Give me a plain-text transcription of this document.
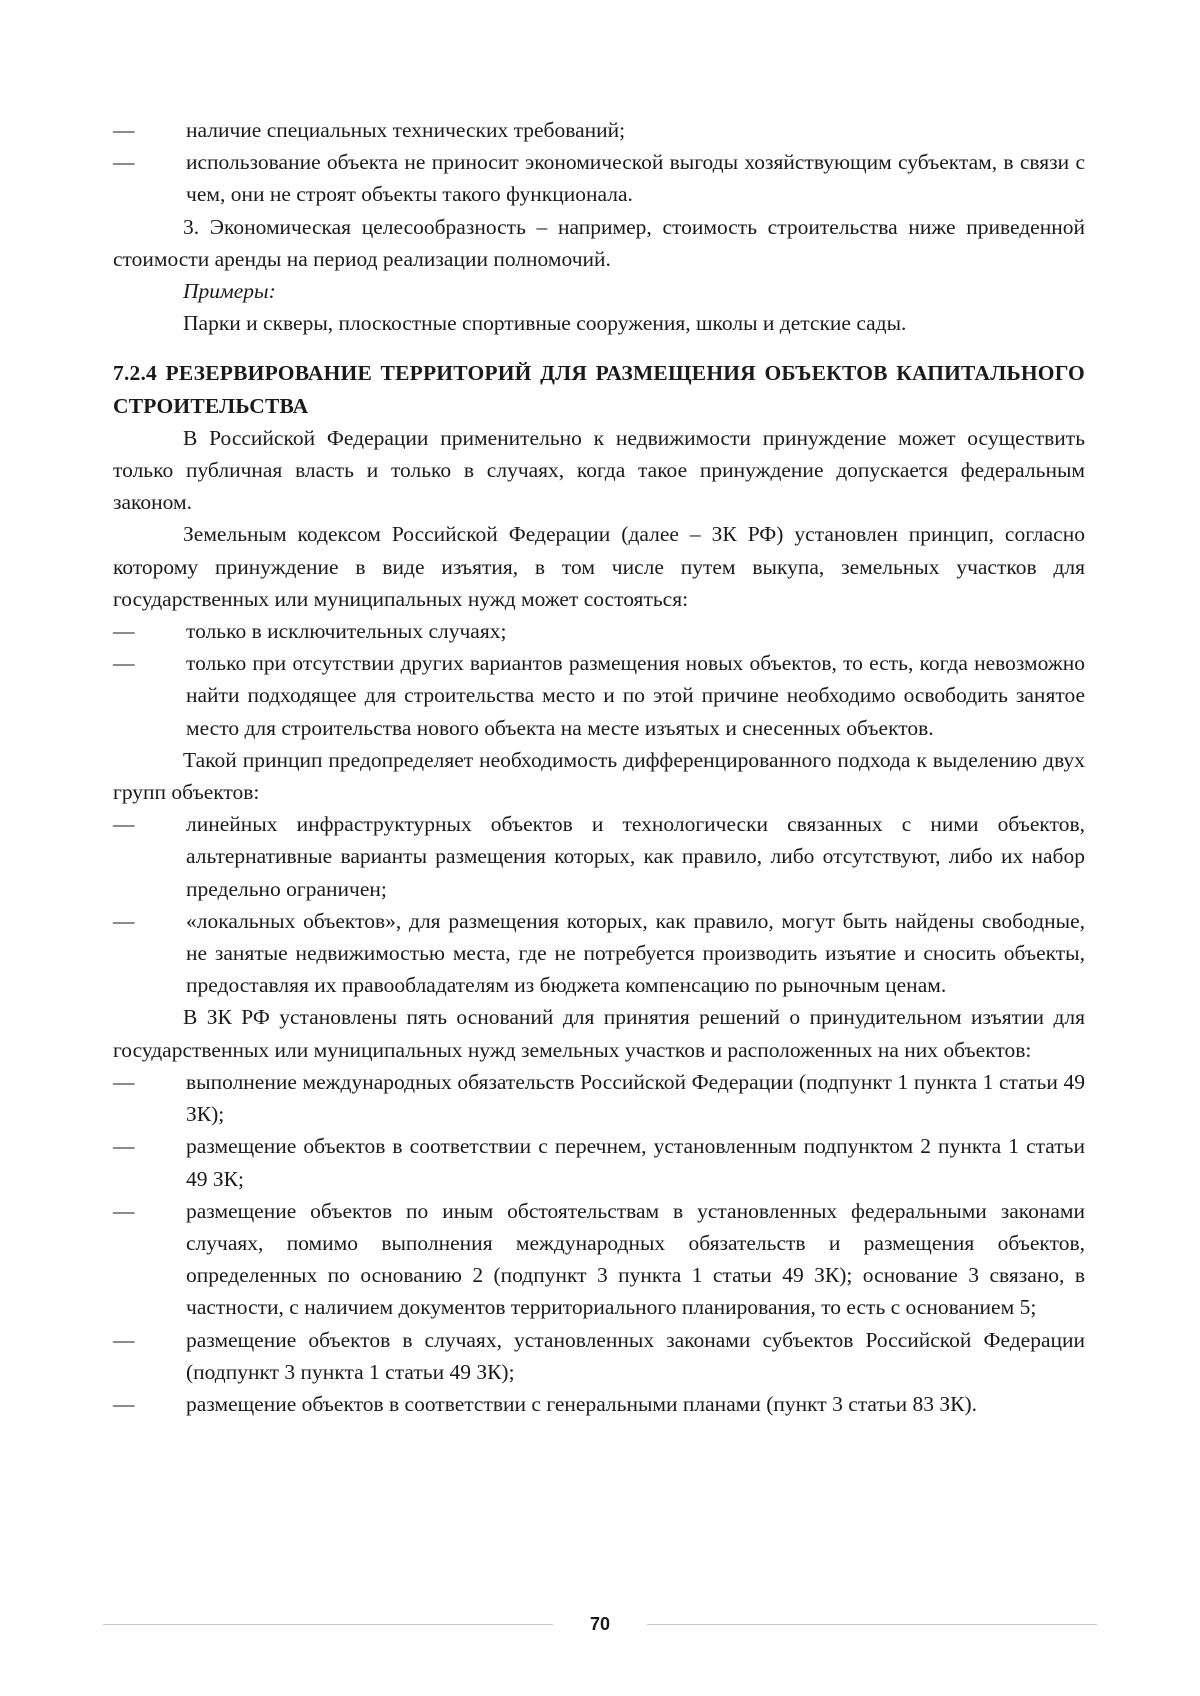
—	наличие специальных технических требований;
—	использование объекта не приносит экономической выгоды хозяйствующим субъектам, в связи с чем, они не строят объекты такого функционала.

3. Экономическая целесообразность – например, стоимость строительства ниже приведенной стоимости аренды на период реализации полномочий.

Примеры:

Парки и скверы, плоскостные спортивные сооружения, школы и детские сады.

7.2.4 РЕЗЕРВИРОВАНИЕ ТЕРРИТОРИЙ ДЛЯ РАЗМЕЩЕНИЯ ОБЪЕКТОВ КАПИТАЛЬНОГО СТРОИТЕЛЬСТВА

В Российской Федерации применительно к недвижимости принуждение может осуществить только публичная власть и только в случаях, когда такое принуждение допускается федеральным законом.

Земельным кодексом Российской Федерации (далее – ЗК РФ) установлен принцип, согласно которому принуждение в виде изъятия, в том числе путем выкупа, земельных участков для государственных или муниципальных нужд может состояться:

—	только в исключительных случаях;
—	только при отсутствии других вариантов размещения новых объектов, то есть, когда невозможно найти подходящее для строительства место и по этой причине необходимо освободить занятое место для строительства нового объекта на месте изъятых и снесенных объектов.

Такой принцип предопределяет необходимость дифференцированного подхода к выделению двух групп объектов:

—	линейных инфраструктурных объектов и технологически связанных с ними объектов, альтернативные варианты размещения которых, как правило, либо отсутствуют, либо их набор предельно ограничен;
—	«локальных объектов», для размещения которых, как правило, могут быть найдены свободные, не занятые недвижимостью места, где не потребуется производить изъятие и сносить объекты, предоставляя их правообладателям из бюджета компенсацию по рыночным ценам.

В ЗК РФ установлены пять оснований для принятия решений о принудительном изъятии для государственных или муниципальных нужд земельных участков и расположенных на них объектов:

—	выполнение международных обязательств Российской Федерации (подпункт 1 пункта 1 статьи 49 ЗК);
—	размещение объектов в соответствии с перечнем, установленным подпунктом 2 пункта 1 статьи 49 ЗК;
—	размещение объектов по иным обстоятельствам в установленных федеральными законами случаях, помимо выполнения международных обязательств и размещения объектов, определенных по основанию 2 (подпункт 3 пункта 1 статьи 49 ЗК); основание 3 связано, в частности, с наличием документов территориального планирования, то есть с основанием 5;
—	размещение объектов в случаях, установленных законами субъектов Российской Федерации (подпункт 3 пункта 1 статьи 49 ЗК);
—	размещение объектов в соответствии с генеральными планами (пункт 3 статьи 83 ЗК).
70
